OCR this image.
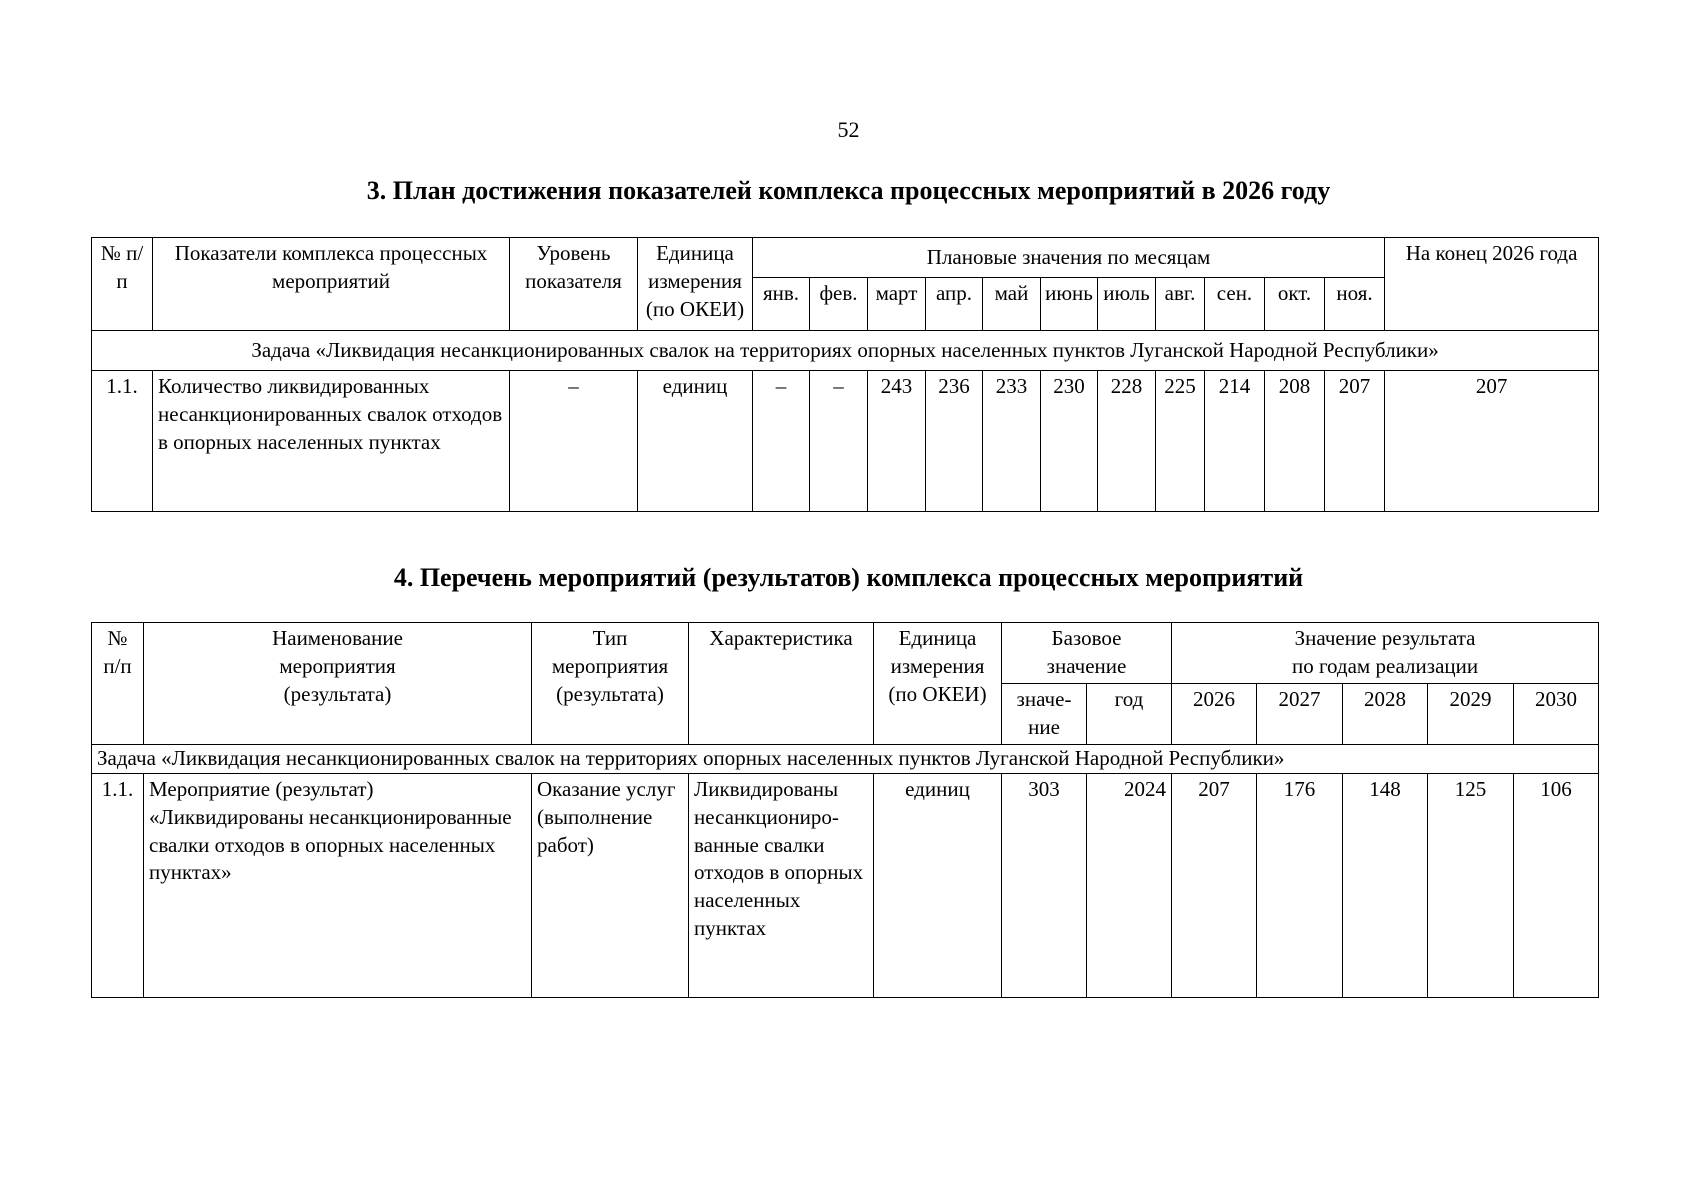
52
3. План достижения показателей комплекса процессных мероприятий в 2026 году
№ п/п	Показатели комплекса процессных мероприятий	Уровень показателя	Единица измерения (по ОКЕИ)	Плановые значения по месяцам											На конец 2026 года
				янв.	фев.	март	апр.	май	июнь	июль	авг.	сен.	окт.	ноя.	
Задача «Ликвидация несанкционированных свалок на территориях опорных населенных пунктов Луганской Народной Республики»															
1.1.	Количество ликвидированных несанкционированных свалок отходов в опорных населенных пунктах	–	единиц	–	–	243	236	233	230	228	225	214	208	207	207
4. Перечень мероприятий (результатов) комплекса процессных мероприятий
№ п/п	Наименование мероприятия (результата)	Тип мероприятия (результата)	Характеристика	Единица измерения (по ОКЕИ)	Базовое значение		Значение результата
по годам реализации				

					значе-ние	год	2026	2027	2028	2029	2030
Задача «Ликвидация несанкционированных свалок на территориях опорных населенных пунктов Луганской Народной Республики»											
1.1.	Мероприятие (результат) «Ликвидированы несанкционированные свалки отходов в опорных населенных пунктах»	Оказание услуг (выполнение работ)	Ликвидированы несанкциониро-ванные свалки отходов в опорных населенных пунктах	единиц	303	2024	207	176	148	125	106
